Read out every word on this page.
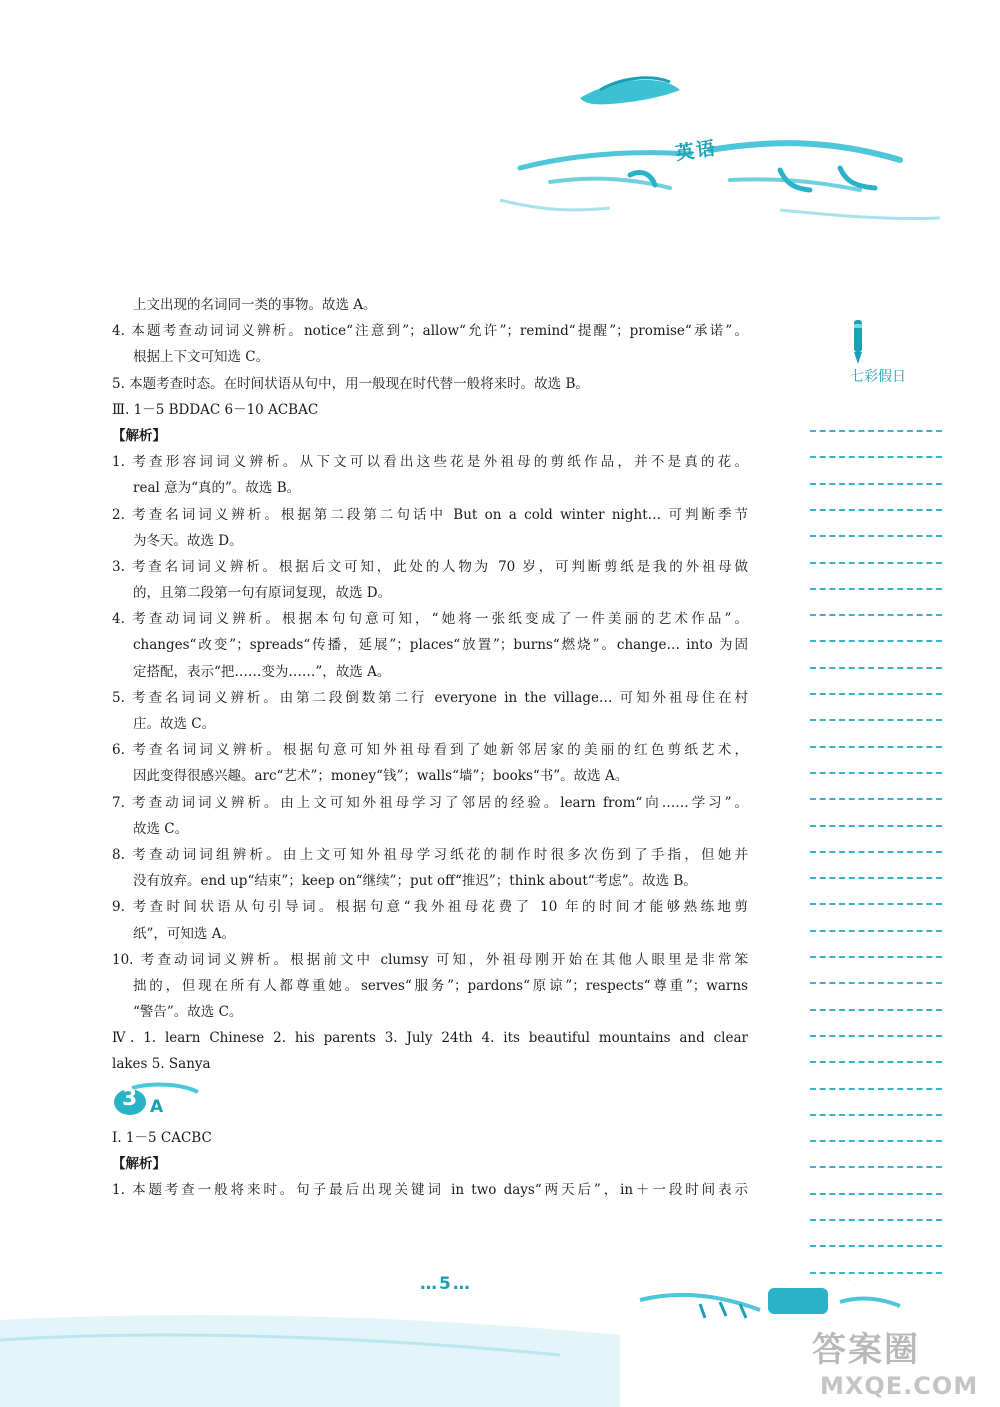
英语
上文出现的名词同一类的事物。故选 A。
4. 本题考查动词词义辨析。notice“注意到”；allow“允许”；remind“提醒”；promise“承诺”。
根据上下文可知选 C。
5. 本题考查时态。在时间状语从句中，用一般现在时代替一般将来时。故选 B。
Ⅲ. 1－5 BDDAC 6－10 ACBAC
【解析】
1. 考查形容词词义辨析。从下文可以看出这些花是外祖母的剪纸作品，并不是真的花。
real 意为“真的”。故选 B。
2. 考查名词词义辨析。根据第二段第二句话中 But on a cold winter night… 可判断季节
为冬天。故选 D。
3. 考查名词词义辨析。根据后文可知，此处的人物为 70 岁，可判断剪纸是我的外祖母做
的，且第二段第一句有原词复现，故选 D。
4. 考查动词词义辨析。根据本句句意可知，“她将一张纸变成了一件美丽的艺术作品”。
changes“改变”；spreads“传播，延展”；places“放置”；burns“燃烧”。change… into 为固
定搭配，表示“把……变为……”，故选 A。
5. 考查名词词义辨析。由第二段倒数第二行 everyone in the village… 可知外祖母住在村
庄。故选 C。
6. 考查名词词义辨析。根据句意可知外祖母看到了她新邻居家的美丽的红色剪纸艺术，
因此变得很感兴趣。arc“艺术”；money“钱”；walls“墙”；books“书”。故选 A。
7. 考查动词词义辨析。由上文可知外祖母学习了邻居的经验。learn from“向……学习”。
故选 C。
8. 考查动词词组辨析。由上文可知外祖母学习纸花的制作时很多次伤到了手指，但她并
没有放弃。end up“结束”；keep on“继续”；put off“推迟”；think about“考虑”。故选 B。
9. 考查时间状语从句引导词。根据句意“我外祖母花费了 10 年的时间才能够熟练地剪
纸”，可知选 A。
10. 考查动词词义辨析。根据前文中 clumsy 可知，外祖母刚开始在其他人眼里是非常笨
拙的，但现在所有人都尊重她。serves“服务”；pardons“原谅”；respects“尊重”；warns
“警告”。故选 C。
Ⅳ. 1. learn Chinese 2. his parents 3. July 24th 4. its beautiful mountains and clear
lakes 5. Sanya
3 A
Ⅰ. 1－5 CACBC
【解析】
1. 本题考查一般将来时。句子最后出现关键词 in two days“两天后”，in＋一段时间表示
七彩假日
…5…
答案圈
MXQE.COM
